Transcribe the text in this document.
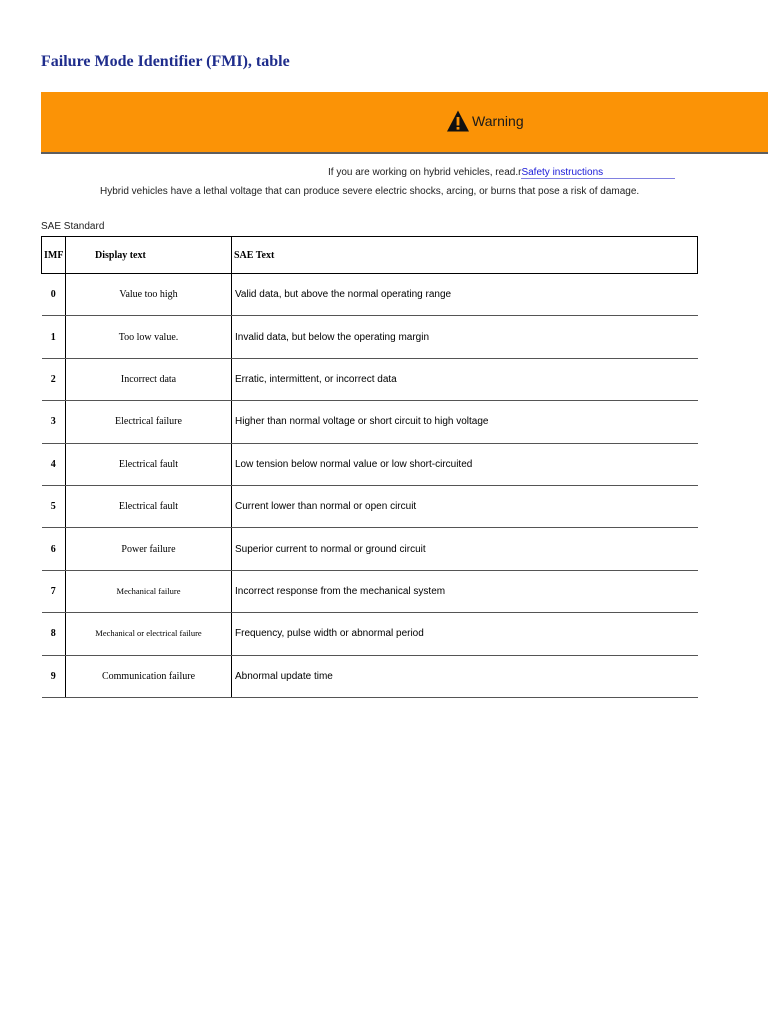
Failure Mode Identifier (FMI), table
Warning
If you are working on hybrid vehicles, read.rSafety instructions
Hybrid vehicles have a lethal voltage that can produce severe electric shocks, arcing, or burns that pose a risk of damage.
SAE Standard
IMF	Display text	SAE Text
0	Value too high	Valid data, but above the normal operating range
1	Too low value.	Invalid data, but below the operating margin
2	Incorrect data	Erratic, intermittent, or incorrect data
3	Electrical failure	Higher than normal voltage or short circuit to high voltage
4	Electrical fault	Low tension below normal value or low short-circuited
5	Electrical fault	Current lower than normal or open circuit
6	Power failure	Superior current to normal or ground circuit
7	Mechanical failure	Incorrect response from the mechanical system
8	Mechanical or electrical failure	Frequency, pulse width or abnormal period
9	Communication failure	Abnormal update time
